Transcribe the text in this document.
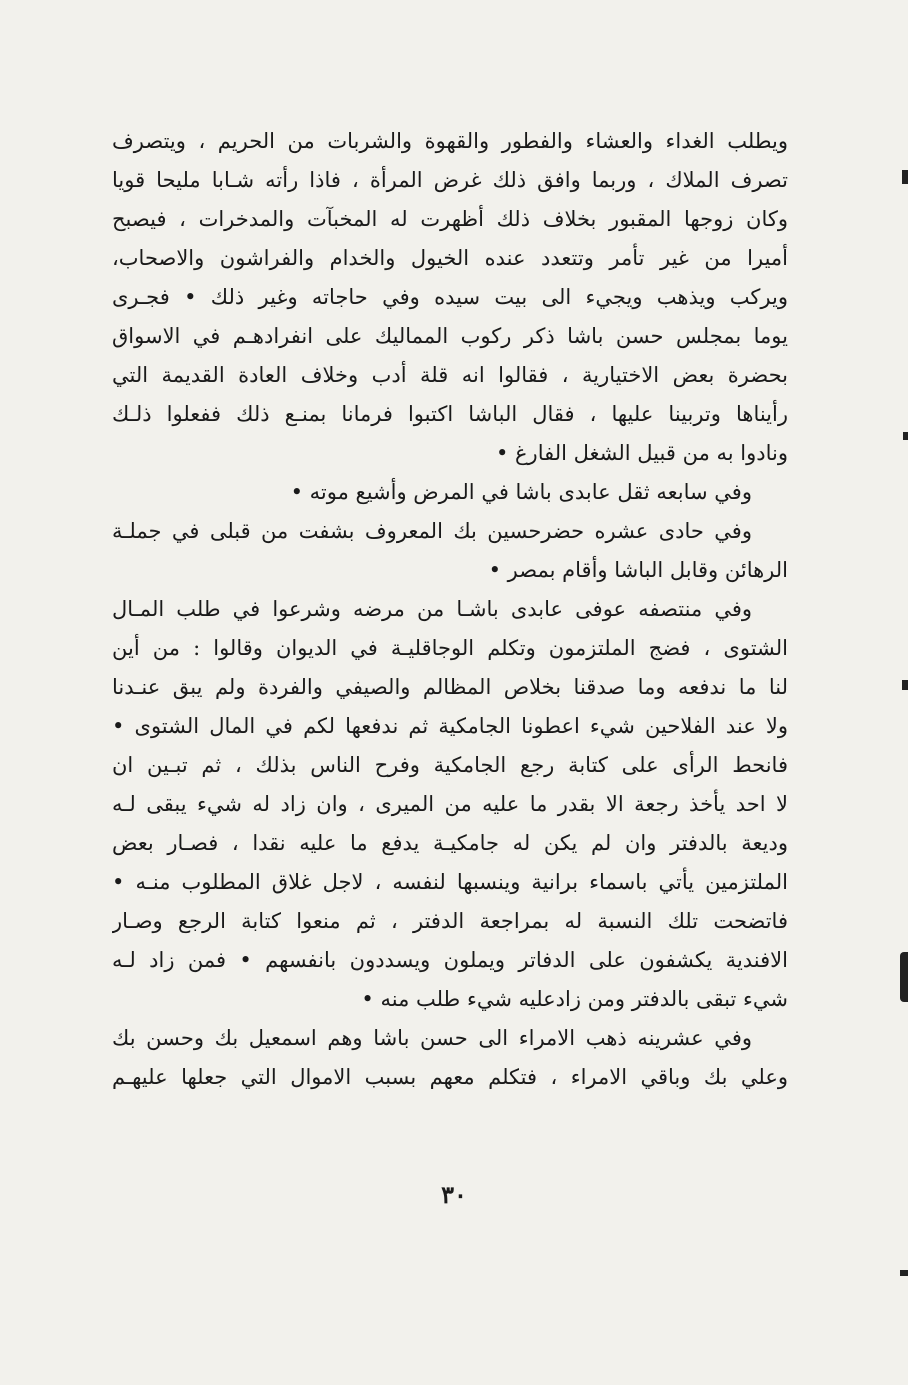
ويطلب الغداء والعشاء والفطور والقهوة والشربات من الحريم ، ويتصرف
تصرف الملاك ، وربما وافق ذلك غرض المرأة ، فاذا رأته شـابا مليحا قويا
وكان زوجها المقبور بخلاف ذلك أظهرت له المخبآت والمدخرات ، فيصبح
أميرا من غير تأمر وتتعدد عنده الخيول والخدام والفراشون والاصحاب،
ويركب ويذهب ويجيء الى بيت سيده وفي حاجاته وغير ذلك • فجـرى
يوما بمجلس حسن باشا ذكر ركوب المماليك على انفرادهـم في الاسواق
بحضرة بعض الاختيارية ، فقالوا انه قلة أدب وخلاف العادة القديمة التي
رأيناها وتربينا عليها ، فقال الباشا اكتبوا فرمانا بمنـع ذلك ففعلوا ذلـك
ونادوا به من قبيل الشغل الفارغ •
وفي سابعه ثقل عابدى باشا في المرض وأشيع موته •
وفي حادى عشره حضرحسين بك المعروف بشفت من قبلى في جملـة
الرهائن وقابل الباشا وأقام بمصر •
وفي منتصفه عوفى عابدى باشـا من مرضه وشرعوا في طلب المـال
الشتوى ، فضج الملتزمون وتكلم الوجاقليـة في الديوان وقالوا : من أين
لنا ما ندفعه وما صدقنا بخلاص المظالم والصيفي والفردة ولم يبق عنـدنا
ولا عند الفلاحين شيء اعطونا الجامكية ثم ندفعها لكم في المال الشتوى •
فانحط الرأى على كتابة رجع الجامكية وفرح الناس بذلك ، ثم تبـين ان
لا احد يأخذ رجعة الا بقدر ما عليه من الميرى ، وان زاد له شيء يبقى لـه
وديعة بالدفتر وان لم يكن له جامكيـة يدفع ما عليه نقدا ، فصـار بعض
الملتزمين يأتي باسماء برانية وينسبها لنفسه ، لاجل غلاق المطلوب منـه •
فاتضحت تلك النسبة له بمراجعة الدفتر ، ثم منعوا كتابة الرجع وصـار
الافندية يكشفون على الدفاتر ويملون ويسددون بانفسهم • فمن زاد لـه
شيء تبقى بالدفتر ومن زادعليه شيء طلب منه •
وفي عشرينه ذهب الامراء الى حسن باشا وهم اسمعيل بك وحسن بك
وعلي بك وباقي الامراء ، فتكلم معهم بسبب الاموال التي جعلها عليهـم
٣٠
